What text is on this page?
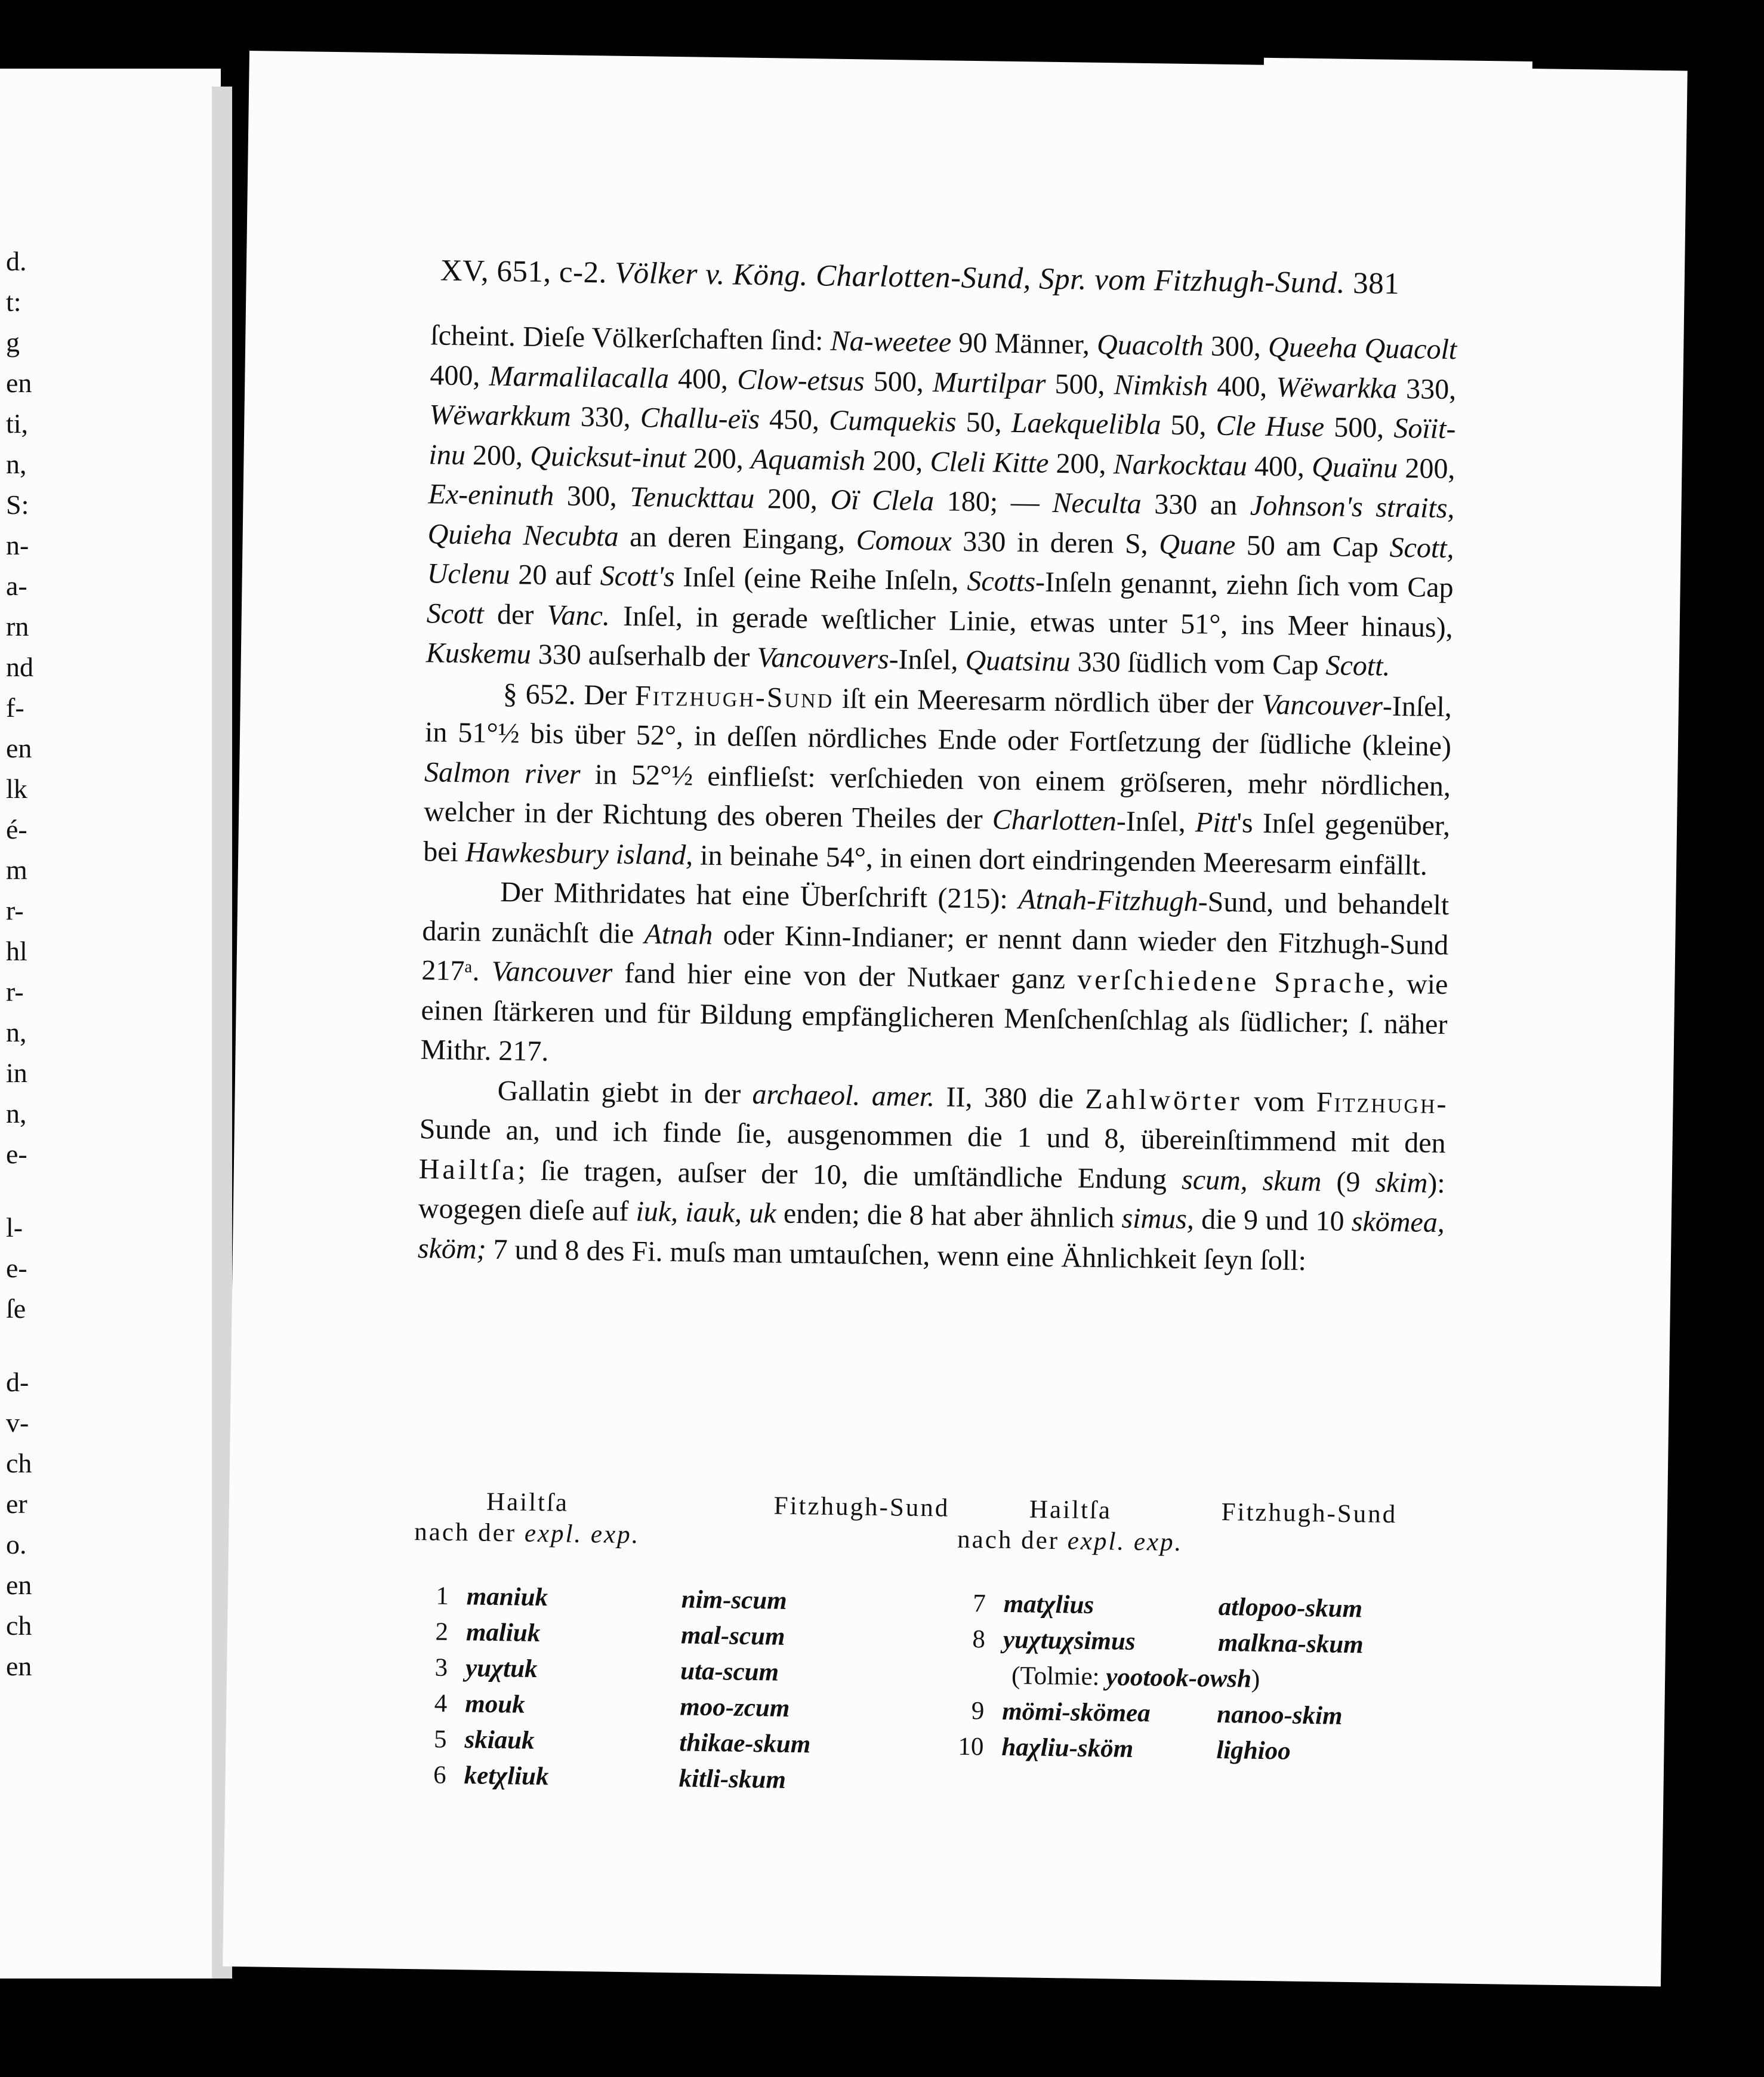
d.
t:
g
en
ti,
n,
S:
n-
a-
rn
nd
f-
en
lk
é-
m
r-
hl
r-
n,
in
n,
e-
l-
e-
ſe
d-
v-
ch
er
o.
en
ch
en
XV, 651, c-2. Völker v. Köng. Charlotten-Sund, Spr. vom Fitzhugh-Sund. 381

ſcheint. Dieſe Völkerſchaften ſind: Na-weetee 90 Männer, Quacolth 300, Queeha Quacolt 400, Marmalilacalla 400, Clow-etsus 500, Murtilpar 500, Nimkish 400, Wëwarkka 330, Wëwarkkum 330, Challu-eïs 450, Cumquekis 50, Laekquelibla 50, Cle Huse 500, Soïit-inu 200, Quicksut-inut 200, Aquamish 200, Cleli Kitte 200, Narkocktau 400, Quaïnu 200, Ex-eninuth 300, Tenuckttau 200, Oï Clela 180; — Neculta 330 an Johnson's straits, Quieha Necubta an deren Eingang, Comoux 330 in deren S, Quane 50 am Cap Scott, Uclenu 20 auf Scott's Inſel (eine Reihe Inſeln, Scotts-Inſeln genannt, ziehn ſich vom Cap Scott der Vanc. Inſel, in gerade weſtlicher Linie, etwas unter 51°, ins Meer hinaus), Kuskemu 330 auſserhalb der Vancouvers-Inſel, Quatsinu 330 ſüdlich vom Cap Scott.

§ 652. Der Fitzhugh-Sund iſt ein Meeresarm nördlich über der Vancouver-Inſel, in 51°½ bis über 52°, in deſſen nördliches Ende oder Fortſetzung der ſüdliche (kleine) Salmon river in 52°½ einflieſst: verſchieden von einem gröſseren, mehr nördlichen, welcher in der Richtung des oberen Theiles der Charlotten-Inſel, Pitt's Inſel gegenüber, bei Hawkesbury island, in beinahe 54°, in einen dort eindringenden Meeresarm einfällt.

Der Mithridates hat eine Überſchrift (215): Atnah-Fitzhugh-Sund, und behandelt darin zunächſt die Atnah oder Kinn-Indianer; er nennt dann wieder den Fitzhugh-Sund 217ᵃ. Vancouver fand hier eine von der Nutkaer ganz verſchiedene Sprache, wie einen ſtärkeren und für Bildung empfänglicheren Menſchenſchlag als ſüdlicher; ſ. näher Mithr. 217.

Gallatin giebt in der archaeol. amer. II, 380 die Zahlwörter vom Fitzhugh-Sunde an, und ich finde ſie, ausgenommen die 1 und 8, übereinſtimmend mit den Hailtſa; ſie tragen, auſser der 10, die umſtändliche Endung scum, skum (9 skim): wogegen dieſe auf iuk, iauk, uk enden; die 8 hat aber ähnlich simus, die 9 und 10 skömea, sköm; 7 und 8 des Fi. muſs man umtauſchen, wenn eine Ähnlichkeit ſeyn ſoll:

Hailtſa
nach der expl. exp.
Fitzhugh-Sund	Hailtſa
nach der expl. exp.
Fitzhugh-Sund
1 maniuk	nim-scum
2 maliuk	mal-scum
3 yuχtuk	uta-scum
4 mouk	moo-zcum
5 skiauk	thikae-skum
6 ketχliuk	kitli-skum
7 matχlius	atlopoo-skum
8 yuχtuχsimus	malkna-skum
(Tolmie: yootook-owsh)
9 mömi-skömea	nanoo-skim
10 haχliu-sköm	lighioo
